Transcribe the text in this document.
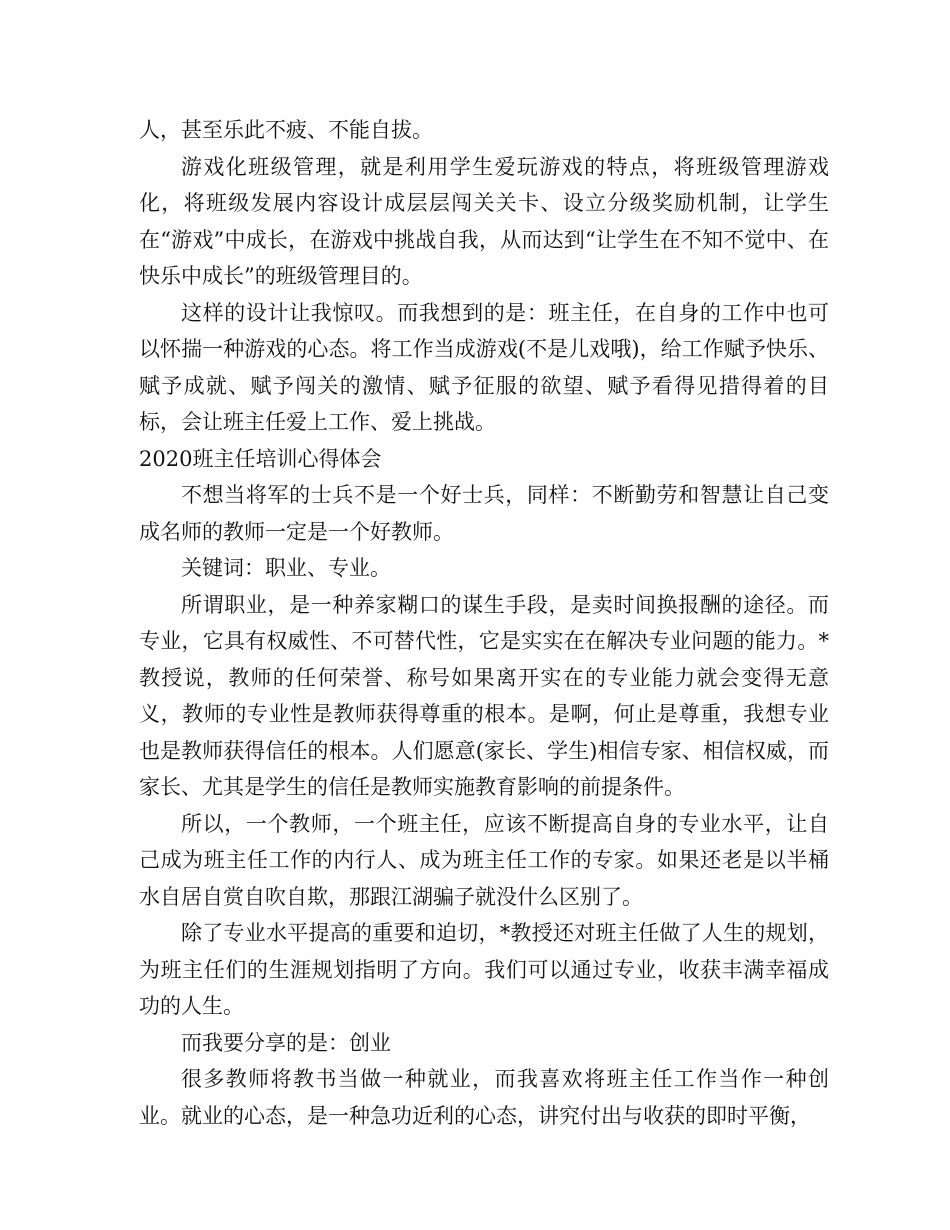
人，甚至乐此不疲、不能自拔。

游戏化班级管理，就是利用学生爱玩游戏的特点，将班级管理游戏化，将班级发展内容设计成层层闯关关卡、设立分级奖励机制，让学生在“游戏”中成长，在游戏中挑战自我，从而达到“让学生在不知不觉中、在快乐中成长”的班级管理目的。

这样的设计让我惊叹。而我想到的是：班主任，在自身的工作中也可以怀揣一种游戏的心态。将工作当成游戏(不是儿戏哦)，给工作赋予快乐、赋予成就、赋予闯关的激情、赋予征服的欲望、赋予看得见措得着的目标，会让班主任爱上工作、爱上挑战。

2020班主任培训心得体会

不想当将军的士兵不是一个好士兵，同样：不断勤劳和智慧让自己变成名师的教师一定是一个好教师。

关键词：职业、专业。

所谓职业，是一种养家糊口的谋生手段，是卖时间换报酬的途径。而专业，它具有权威性、不可替代性，它是实实在在解决专业问题的能力。*教授说，教师的任何荣誉、称号如果离开实在的专业能力就会变得无意义，教师的专业性是教师获得尊重的根本。是啊，何止是尊重，我想专业也是教师获得信任的根本。人们愿意(家长、学生)相信专家、相信权威，而家长、尤其是学生的信任是教师实施教育影响的前提条件。

所以，一个教师，一个班主任，应该不断提高自身的专业水平，让自己成为班主任工作的内行人、成为班主任工作的专家。如果还老是以半桶水自居自赏自吹自欺，那跟江湖骗子就没什么区别了。

除了专业水平提高的重要和迫切，*教授还对班主任做了人生的规划，为班主任们的生涯规划指明了方向。我们可以通过专业，收获丰满幸福成功的人生。

而我要分享的是：创业

很多教师将教书当做一种就业，而我喜欢将班主任工作当作一种创业。就业的心态，是一种急功近利的心态，讲究付出与收获的即时平衡，
